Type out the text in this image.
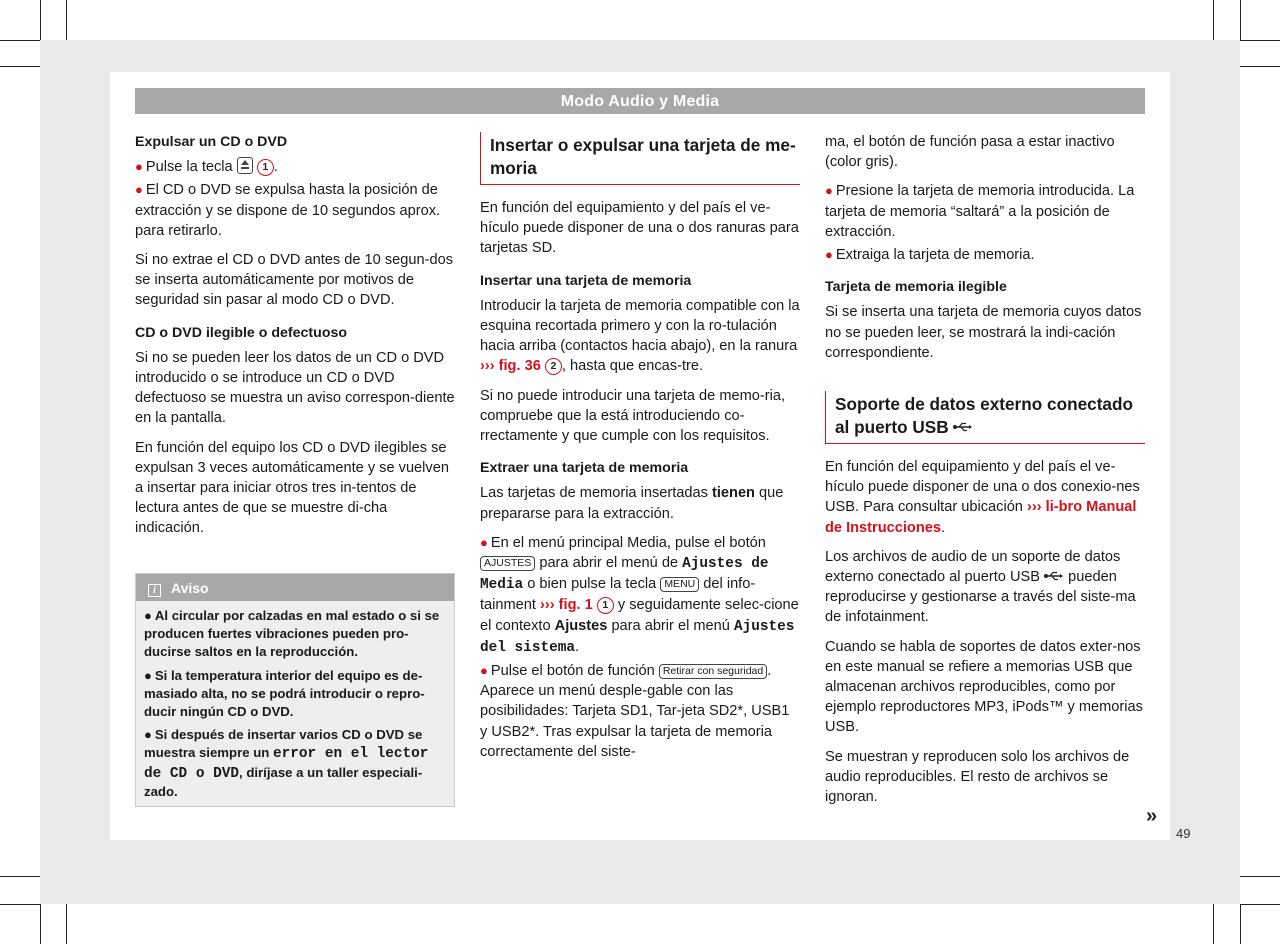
Modo Audio y Media
Expulsar un CD o DVD
● Pulse la tecla	1 .

● El CD o DVD se expulsa hasta la posición de extracción y se dispone de 10 segundos aprox. para retirarlo.

Si no extrae el CD o DVD antes de 10 segun-dos se inserta automáticamente por motivos de seguridad sin pasar al modo CD o DVD.

CD o DVD ilegible o defectuoso

Si no se pueden leer los datos de un CD o DVD introducido o se introduce un CD o DVD defectuoso se muestra un aviso correspon-diente en la pantalla.

En función del equipo los CD o DVD ilegibles se expulsan 3 veces automáticamente y se vuelven a insertar para iniciar otros tres in-tentos de lectura antes de que se muestre di-cha indicación.

i Aviso

● Al circular por calzadas en mal estado o si se producen fuertes vibraciones pueden pro-ducirse saltos en la reproducción.

● Si la temperatura interior del equipo es de-masiado alta, no se podrá introducir o repro-ducir ningún CD o DVD.

● Si después de insertar varios CD o DVD se muestra siempre un error en el lector de CD o DVD, diríjase a un taller especiali-zado.

Insertar o expulsar una tarjeta de me-moria

En función del equipamiento y del país el ve-hículo puede disponer de una o dos ranuras para tarjetas SD.

Insertar una tarjeta de memoria

Introducir la tarjeta de memoria compatible con la esquina recortada primero y con la ro-tulación hacia arriba (contactos hacia abajo), en la ranura ››› fig. 36 2 , hasta que encas-tre.

Si no puede introducir una tarjeta de memo-ria, compruebe que la está introduciendo co-rrectamente y que cumple con los requisitos.

Extraer una tarjeta de memoria

Las tarjetas de memoria insertadas tienen que prepararse para la extracción.

● En el menú principal Media, pulse el botón AJUSTES para abrir el menú de Ajustes de Media o bien pulse la tecla MENU del info-tainment ››› fig. 1 1 y seguidamente selec-cione el contexto Ajustes para abrir el menú Ajustes del sistema.
● Pulse el botón de función Retirar con seguridad . Aparece un menú desple-gable con las posibilidades: Tarjeta SD1, Tar-jeta SD2*, USB1 y USB2*. Tras expulsar la tarjeta de memoria correctamente del siste-

ma, el botón de función pasa a estar inactivo (color gris).

● Presione la tarjeta de memoria introducida. La tarjeta de memoria “saltará” a la posición de extracción.

● Extraiga la tarjeta de memoria.

Tarjeta de memoria ilegible

Si se inserta una tarjeta de memoria cuyos datos no se pueden leer, se mostrará la indi-cación correspondiente.

Soporte de datos externo conectado al puerto USB

En función del equipamiento y del país el ve-hículo puede disponer de una o dos conexio-nes USB. Para consultar ubicación ››› li-bro Manual de Instrucciones.

Los archivos de audio de un soporte de datos externo conectado al puerto USB pueden reproducirse y gestionarse a través del siste-ma de infotainment.

Cuando se habla de soportes de datos exter-nos en este manual se refiere a memorias USB que almacenan archivos reproducibles, como por ejemplo reproductores MP3, iPods™ y memorias USB.

Se muestran y reproducen solo los archivos de audio reproducibles. El resto de archivos se ignoran.

»
49
